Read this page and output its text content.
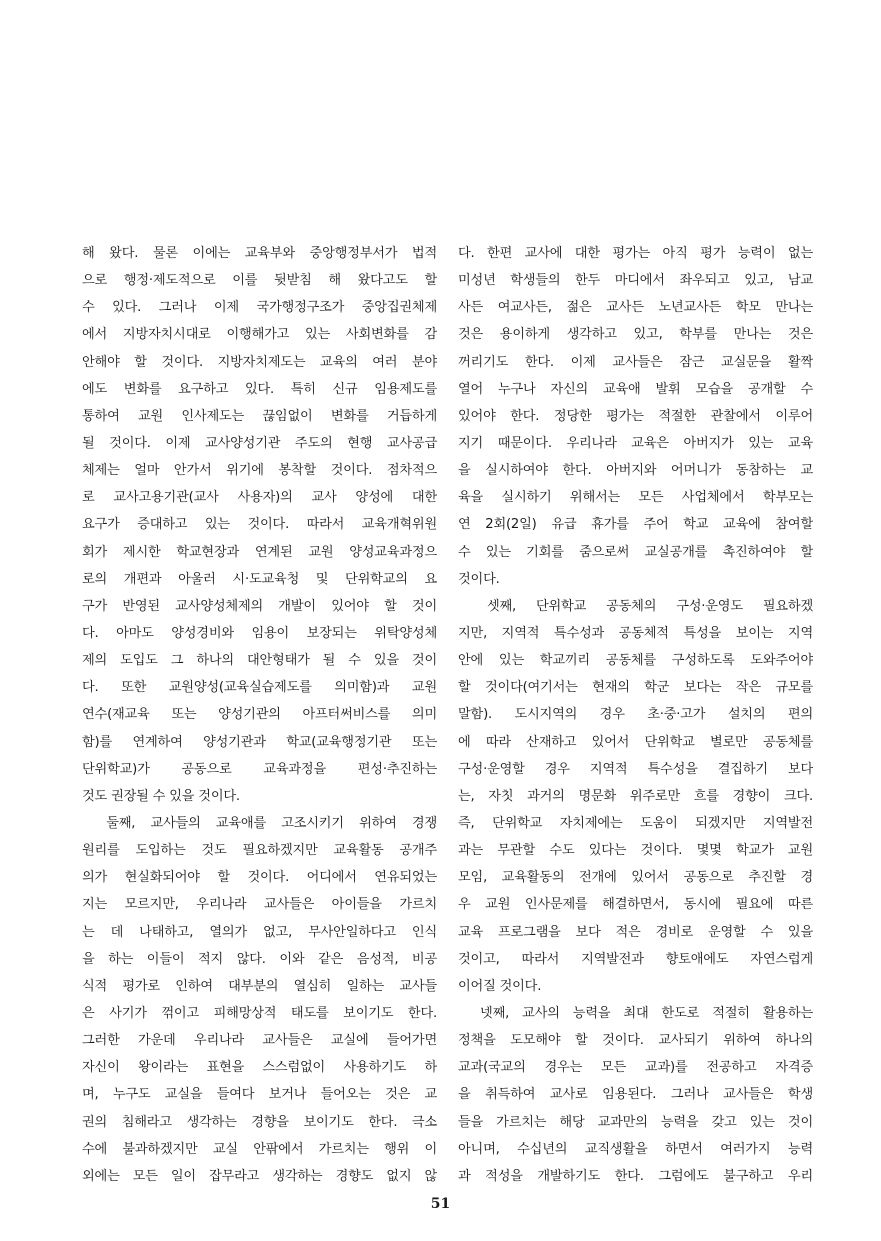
해 왔다. 물론 이에는 교육부와 중앙행정부서가 법적
으로 행정·제도적으로 이를 뒷받침 해 왔다고도 할
수 있다. 그러나 이제 국가행정구조가 중앙집권체제
에서 지방자치시대로 이행해가고 있는 사회변화를 감
안해야 할 것이다. 지방자치제도는 교육의 여러 분야
에도 변화를 요구하고 있다. 특히 신규 임용제도를
통하여 교원 인사제도는 끊임없이 변화를 거듭하게
될 것이다. 이제 교사양성기관 주도의 현행 교사공급
체제는 얼마 안가서 위기에 봉착할 것이다. 점차적으
로 교사고용기관(교사 사용자)의 교사 양성에 대한
요구가 증대하고 있는 것이다. 따라서 교육개혁위원
회가 제시한 학교현장과 연계된 교원 양성교육과정으
로의 개편과 아울러 시·도교육청 및 단위학교의 요
구가 반영된 교사양성체제의 개발이 있어야 할 것이
다. 아마도 양성경비와 임용이 보장되는 위탁양성체
제의 도입도 그 하나의 대안형태가 될 수 있을 것이
다. 또한 교원양성(교육실습제도를 의미함)과 교원
연수(재교육 또는 양성기관의 아프터써비스를 의미
함)를 연계하여 양성기관과 학교(교육행정기관 또는
단위학교)가 공동으로 교육과정을 편성·추진하는
것도 권장될 수 있을 것이다.
　둘째, 교사들의 교육애를 고조시키기 위하여 경쟁
원리를 도입하는 것도 필요하겠지만 교육활동 공개주
의가 현실화되어야 할 것이다. 어디에서 연유되었는
지는 모르지만, 우리나라 교사들은 아이들을 가르치
는 데 나태하고, 열의가 없고, 무사안일하다고 인식
을 하는 이들이 적지 않다. 이와 같은 음성적, 비공
식적 평가로 인하여 대부분의 열심히 일하는 교사들
은 사기가 꺾이고 피해망상적 태도를 보이기도 한다.
그러한 가운데 우리나라 교사들은 교실에 들어가면
자신이 왕이라는 표현을 스스럼없이 사용하기도 하
며, 누구도 교실을 들여다 보거나 들어오는 것은 교
권의 침해라고 생각하는 경향을 보이기도 한다. 극소
수에 불과하겠지만 교실 안팎에서 가르치는 행위 이
외에는 모든 일이 잡무라고 생각하는 경향도 없지 않
다. 한편 교사에 대한 평가는 아직 평가 능력이 없는
미성년 학생들의 한두 마디에서 좌우되고 있고, 남교
사든 여교사든, 젊은 교사든 노년교사든 학모 만나는
것은 용이하게 생각하고 있고, 학부를 만나는 것은
꺼리기도 한다. 이제 교사들은 잠근 교실문을 활짝
열어 누구나 자신의 교육애 발휘 모습을 공개할 수
있어야 한다. 정당한 평가는 적절한 관찰에서 이루어
지기 때문이다. 우리나라 교육은 아버지가 있는 교육
을 실시하여야 한다. 아버지와 어머니가 동참하는 교
육을 실시하기 위해서는 모든 사업체에서 학부모는
연 2회(2일) 유급 휴가를 주어 학교 교육에 참여할
수 있는 기회를 줌으로써 교실공개를 촉진하여야 할
것이다.
　셋째, 단위학교 공동체의 구성·운영도 필요하겠
지만, 지역적 특수성과 공동체적 특성을 보이는 지역
안에 있는 학교끼리 공동체를 구성하도록 도와주어야
할 것이다(여기서는 현재의 학군 보다는 작은 규모를
말함). 도시지역의 경우 초·중·고가 설치의 편의
에 따라 산재하고 있어서 단위학교 별로만 공동체를
구성·운영할 경우 지역적 특수성을 결집하기 보다
는, 자칫 과거의 명문화 위주로만 흐를 경향이 크다.
즉, 단위학교 자치제에는 도움이 되겠지만 지역발전
과는 무관할 수도 있다는 것이다. 몇몇 학교가 교원
모임, 교육활동의 전개에 있어서 공동으로 추진할 경
우 교원 인사문제를 해결하면서, 동시에 필요에 따른
교육 프로그램을 보다 적은 경비로 운영할 수 있을
것이고, 따라서 지역발전과 향토애에도 자연스럽게
이어질 것이다.
　넷째, 교사의 능력을 최대 한도로 적절히 활용하는
정책을 도모해야 할 것이다. 교사되기 위하여 하나의
교과(국교의 경우는 모든 교과)를 전공하고 자격증
을 취득하여 교사로 임용된다. 그러나 교사들은 학생
들을 가르치는 해당 교과만의 능력을 갖고 있는 것이
아니며, 수십년의 교직생활을 하면서 여러가지 능력
과 적성을 개발하기도 한다. 그럼에도 불구하고 우리
51
